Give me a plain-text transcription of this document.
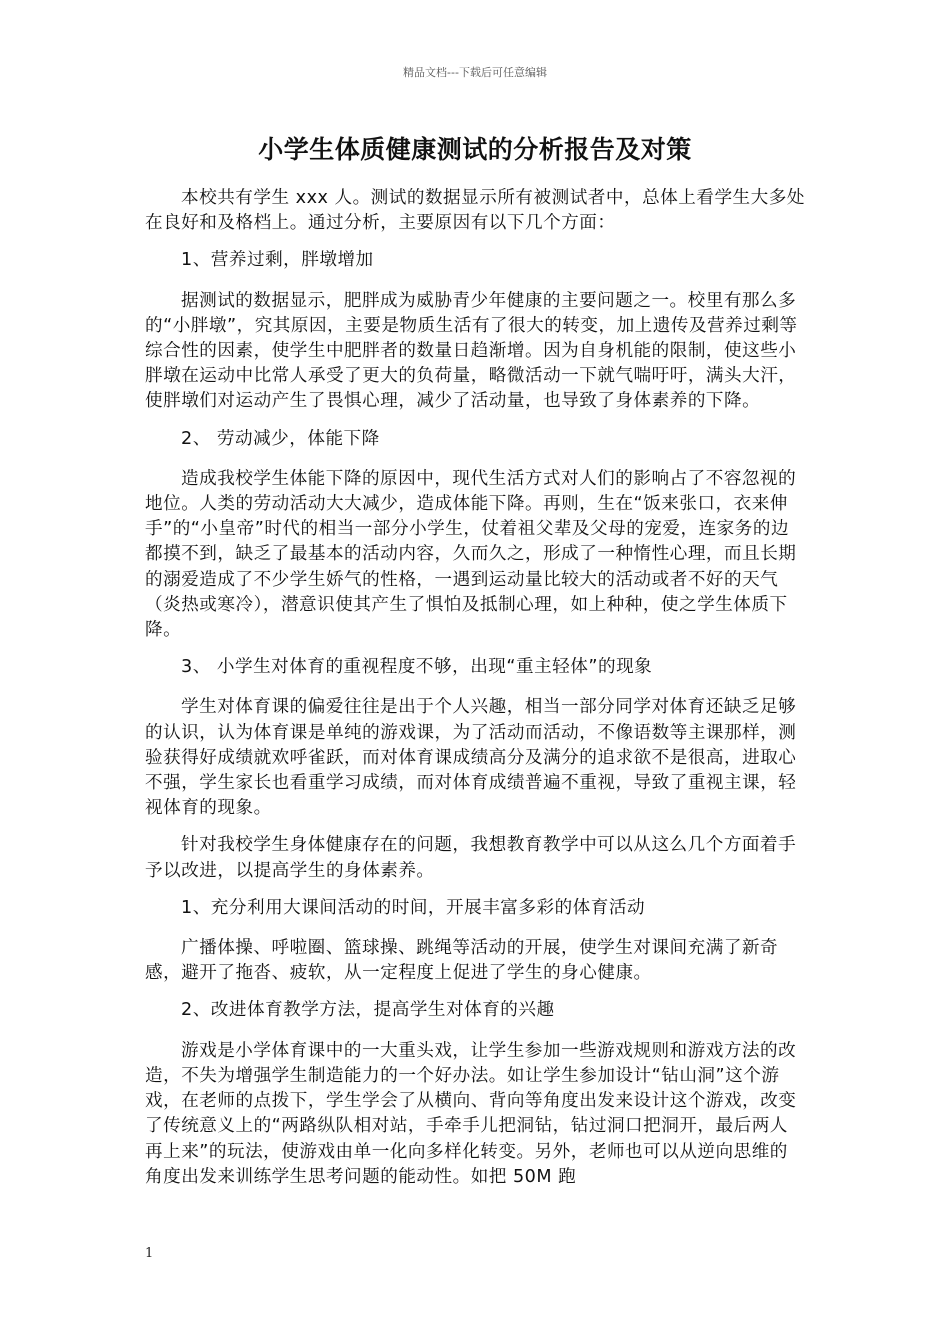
精品文档---下载后可任意编辑
小学生体质健康测试的分析报告及对策

本校共有学生 xxx 人。测试的数据显示所有被测试者中，总体上看学生大多处在良好和及格档上。通过分析，主要原因有以下几个方面：

1、营养过剩，胖墩增加

据测试的数据显示，肥胖成为威胁青少年健康的主要问题之一。校里有那么多的“小胖墩”，究其原因，主要是物质生活有了很大的转变，加上遗传及营养过剩等综合性的因素，使学生中肥胖者的数量日趋渐增。因为自身机能的限制，使这些小胖墩在运动中比常人承受了更大的负荷量，略微活动一下就气喘吁吁，满头大汗，使胖墩们对运动产生了畏惧心理，减少了活动量，也导致了身体素养的下降。

2、 劳动减少，体能下降

造成我校学生体能下降的原因中，现代生活方式对人们的影响占了不容忽视的地位。人类的劳动活动大大减少，造成体能下降。再则，生在“饭来张口，衣来伸手”的“小皇帝”时代的相当一部分小学生，仗着祖父辈及父母的宠爱，连家务的边都摸不到，缺乏了最基本的活动内容，久而久之，形成了一种惰性心理，而且长期的溺爱造成了不少学生娇气的性格，一遇到运动量比较大的活动或者不好的天气（炎热或寒冷），潜意识使其产生了惧怕及抵制心理，如上种种，使之学生体质下降。

3、 小学生对体育的重视程度不够，出现“重主轻体”的现象

学生对体育课的偏爱往往是出于个人兴趣，相当一部分同学对体育还缺乏足够的认识，认为体育课是单纯的游戏课，为了活动而活动，不像语数等主课那样，测验获得好成绩就欢呼雀跃，而对体育课成绩高分及满分的追求欲不是很高，进取心不强，学生家长也看重学习成绩，而对体育成绩普遍不重视，导致了重视主课，轻视体育的现象。

针对我校学生身体健康存在的问题，我想教育教学中可以从这么几个方面着手予以改进，以提高学生的身体素养。

1、充分利用大课间活动的时间，开展丰富多彩的体育活动

广播体操、呼啦圈、篮球操、跳绳等活动的开展，使学生对课间充满了新奇感，避开了拖沓、疲软，从一定程度上促进了学生的身心健康。

2、改进体育教学方法，提高学生对体育的兴趣

游戏是小学体育课中的一大重头戏，让学生参加一些游戏规则和游戏方法的改造，不失为增强学生制造能力的一个好办法。如让学生参加设计“钻山洞”这个游戏，在老师的点拨下，学生学会了从横向、背向等角度出发来设计这个游戏，改变了传统意义上的“两路纵队相对站，手牵手儿把洞钻，钻过洞口把洞开，最后两人再上来”的玩法，使游戏由单一化向多样化转变。另外，老师也可以从逆向思维的角度出发来训练学生思考问题的能动性。如把 50M 跑

1
